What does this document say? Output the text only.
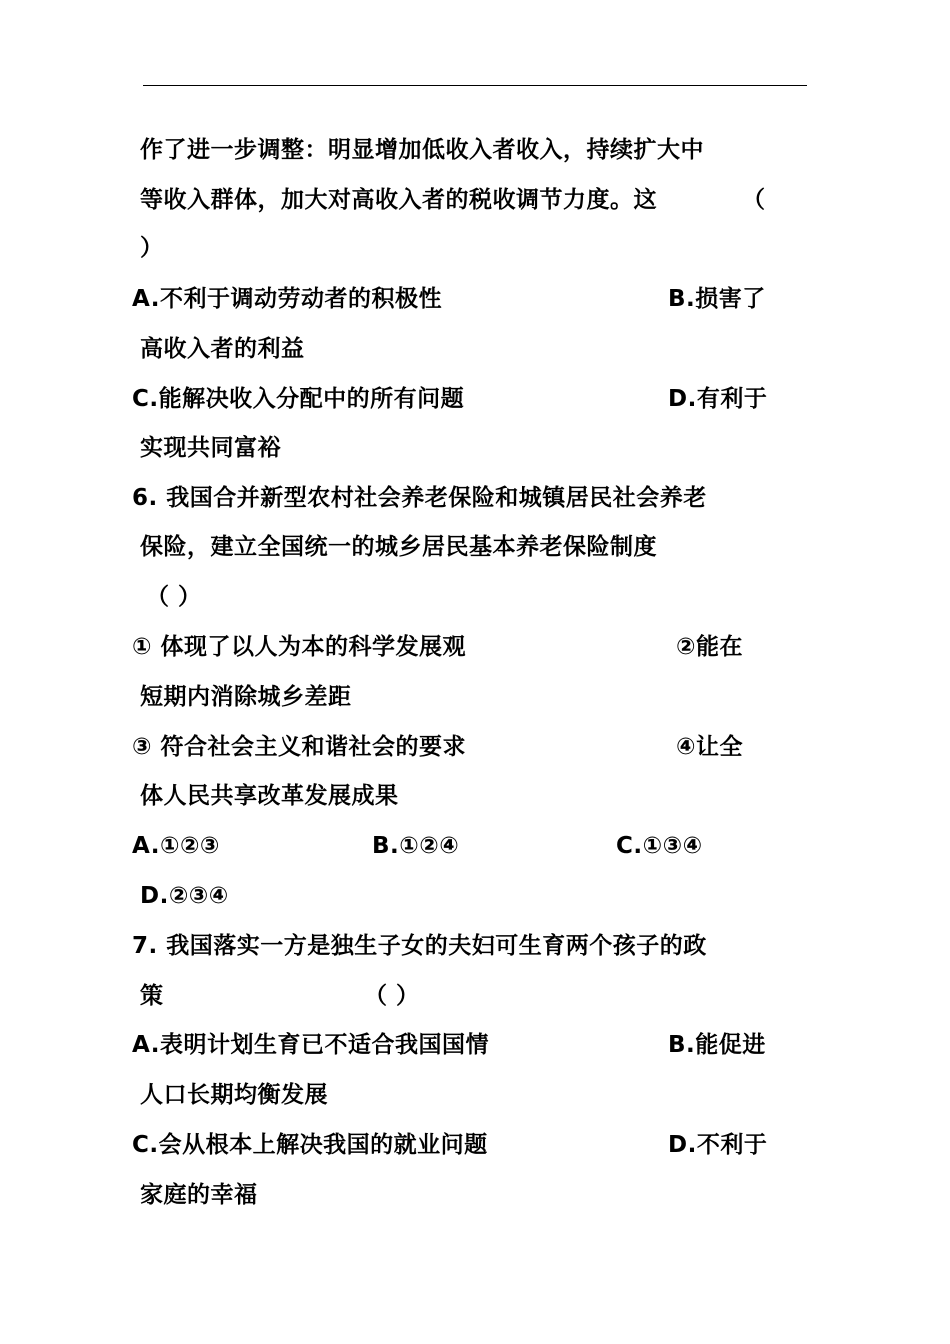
作了进一步调整：明显增加低收入者收入，持续扩大中
等收入群体，加大对高收入者的税收调节力度。这	（
）
A.不利于调动劳动者的积极性	B.损害了
高收入者的利益
C.能解决收入分配中的所有问题	D.有利于
实现共同富裕
6. 我国合并新型农村社会养老保险和城镇居民社会养老
保险，建立全国统一的城乡居民基本养老保险制度
（ ）
① 体现了以人为本的科学发展观	②能在
短期内消除城乡差距
③ 符合社会主义和谐社会的要求	④让全
体人民共享改革发展成果
A.①②③	B.①②④	C.①③④
D.②③④
7. 我国落实一方是独生子女的夫妇可生育两个孩子的政
策	（ ）
A.表明计划生育已不适合我国国情	B.能促进
人口长期均衡发展
C.会从根本上解决我国的就业问题	D.不利于
家庭的幸福
